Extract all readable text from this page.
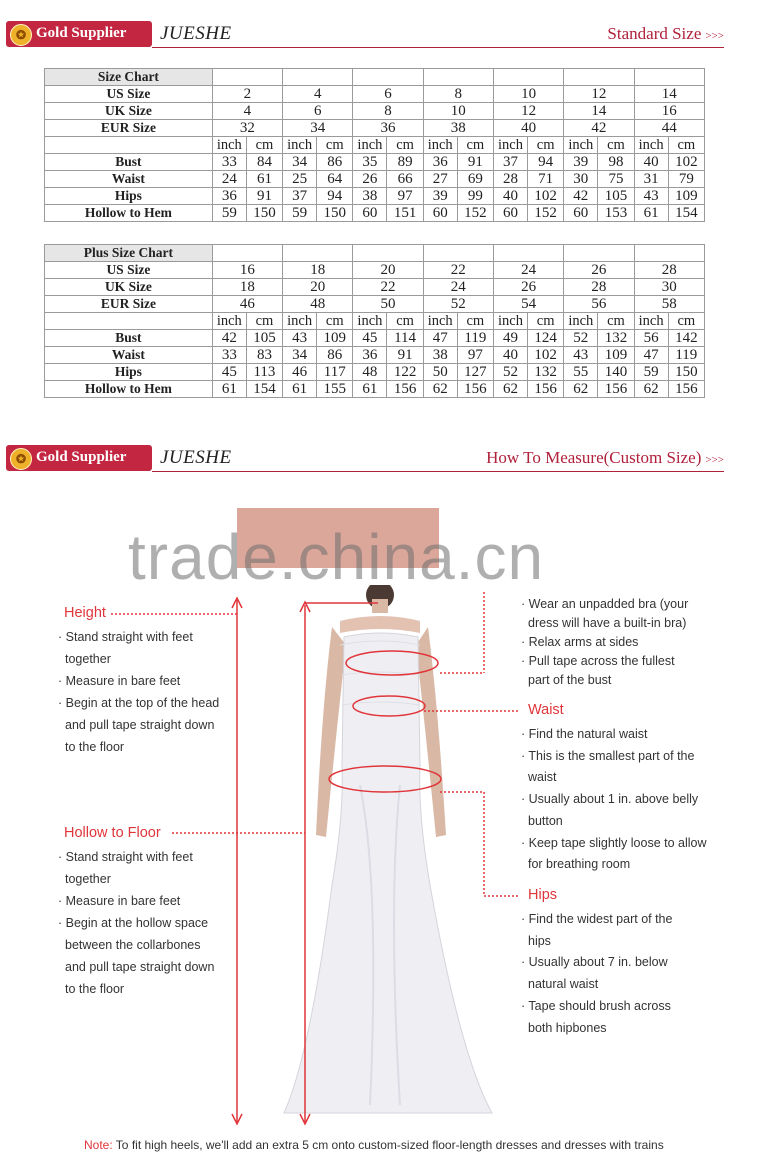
✪ Gold Supplier JUESHE	Standard Size >>>
Size Chart														
US Size	2		4		6		8		10		12		14	
UK Size	4		6		8		10		12		14		16	
EUR Size	32		34		36		38		40		42		44	
	inch	cm	inch	cm	inch	cm	inch	cm	inch	cm	inch	cm	inch	cm
Bust	33	84	34	86	35	89	36	91	37	94	39	98	40	102
Waist	24	61	25	64	26	66	27	69	28	71	30	75	31	79
Hips	36	91	37	94	38	97	39	99	40	102	42	105	43	109
Hollow to Hem	59	150	59	150	60	151	60	152	60	152	60	153	61	154
Plus Size Chart														
US Size	16		18		20		22		24		26		28	
UK Size	18		20		22		24		26		28		30	
EUR Size	46		48		50		52		54		56		58	
	inch	cm	inch	cm	inch	cm	inch	cm	inch	cm	inch	cm	inch	cm
Bust	42	105	43	109	45	114	47	119	49	124	52	132	56	142
Waist	33	83	34	86	36	91	38	97	40	102	43	109	47	119
Hips	45	113	46	117	48	122	50	127	52	132	55	140	59	150
Hollow to Hem	61	154	61	155	61	156	62	156	62	156	62	156	62	156
✪ Gold Supplier JUESHE	How To Measure(Custom Size) >>>
trade.china.cn
Height
· Stand straight with feet
together
· Measure in bare feet
· Begin at the top of the head
and pull tape straight down
to the floor
Hollow to Floor
· Stand straight with feet
together
· Measure in bare feet
· Begin at the hollow space
between the collarbones
and pull tape straight down
to the floor
· Wear an unpadded bra (your
dress will have a built-in bra)
· Relax arms at sides
· Pull tape across the fullest
part of the bust
Waist
· Find the natural waist
· This is the smallest part of the
waist
· Usually about 1 in. above belly
button
· Keep tape slightly loose to allow
for breathing room
Hips
· Find the widest part of the
hips
· Usually about 7 in. below
natural waist
· Tape should brush across
both hipbones
Note: To fit high heels, we'll add an extra 5 cm onto custom-sized floor-length dresses and dresses with trains
